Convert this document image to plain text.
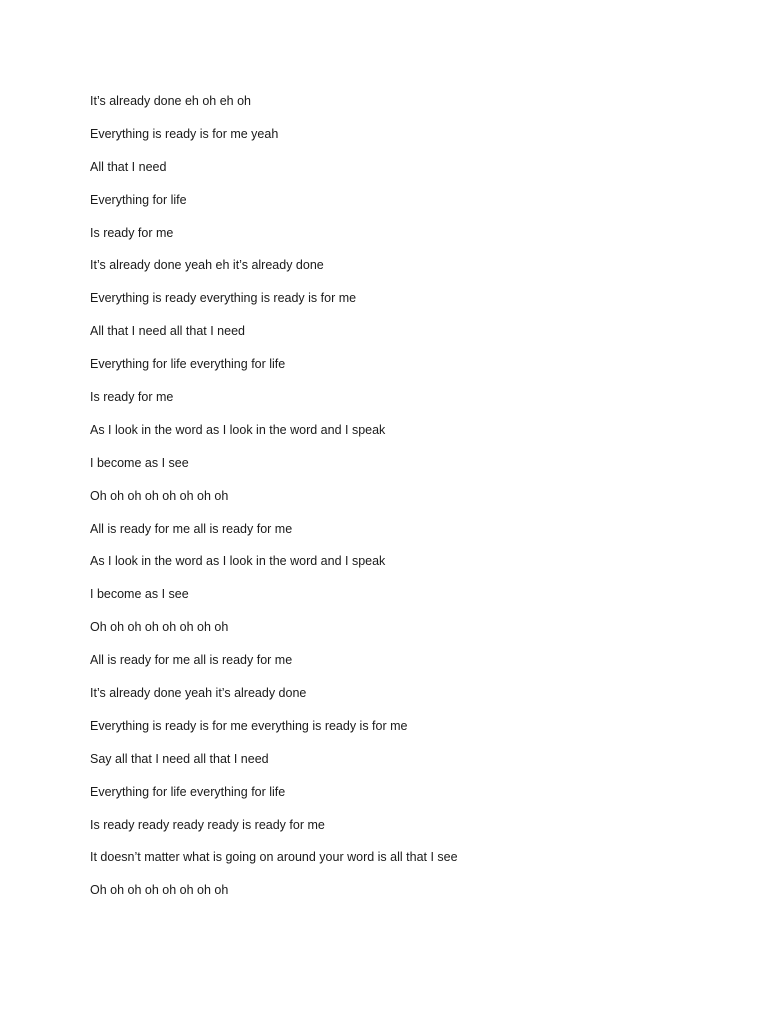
It’s already done eh oh eh oh
Everything is ready is for me yeah
All that I need
Everything for life
Is ready for me
It’s already done yeah eh it’s already done
Everything is ready everything is ready is for me
All that I need all that I need
Everything for life everything for life
Is ready for me
As I look in the word as I look in the word and I speak
I become as I see
Oh oh oh oh oh oh oh oh
All is ready for me all is ready for me
As I look in the word as I look in the word and I speak
I become as I see
Oh oh oh oh oh oh oh oh
All is ready for me all is ready for me
It’s already done yeah it’s already done
Everything is ready is for me everything is ready is for me
Say all that I need all that I need
Everything for life everything for life
Is ready ready ready ready is ready for me
It doesn’t matter what is going on around your word is all that I see
Oh oh oh oh oh oh oh oh
